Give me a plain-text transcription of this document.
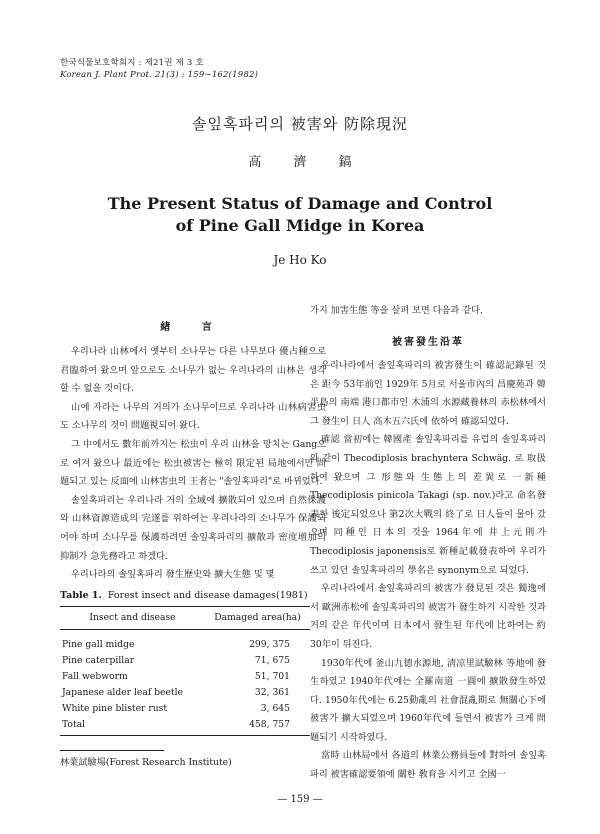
한국식물보호학회지 : 제21권 제 3 호
Korean J. Plant Prot. 21(3) : 159∼162(1982)
솔잎혹파리의 被害와 防除現況
高 濟 鎬
The Present Status of Damage and Control
of Pine Gall Midge in Korea
Je Ho Ko
가지 加害生態 等을 살펴 보면 다음과 같다.
緖 言
被害發生沿革

우리나라 山林에서 옛부터 소나무는 다른 나무보다 優占種으로 君臨하여 왔으며 앞으로도 소나무가 없는 우리나라의 山林은 생각할 수 없을 것이다.

山에 자라는 나무의 거의가 소나무이므로 우리나라 山林病害虫도 소나무의 것이 問題視되어 왔다.

그 中에서도 數年前까지는 松虫이 우리 山林을 망치는 Gang으로 여겨 왔으나 最近에는 松虫被害는 極히 限定된 局地에서만 問題되고 있는 反面에 山林害虫의 王者는 "솔잎혹파리"로 바뀌었다.

솔잎혹파리는 우리나라 거의 全域에 擴散되어 있으며 自然保護와 山林資源造成의 完遂를 위하여는 우리나라의 소나무가 保護되어야 하며 소나무를 保護하려면 솔잎혹파리의 擴散과 密度增加의 抑制가 急先務라고 하겠다.

우리나라의 솔잎혹파리 發生歷史와 擴大生態 및 몇

우리나라에서 솔잎혹파리의 被害發生이 確認記錄된 것은 距今 53年前인 1929年 5月로 서울市內의 昌慶苑과 韓半島의 南端 港口都市인 木浦의 水源藏養林의 赤松林에서 그 發生이 日人 高木五六氏에 依하여 確認되었다.

確認 當初에는 韓國產 솔잎혹파리를 유럽의 솔잎혹파리와 같이 Thecodiplosis brachyntera Schwäg. 로 取扱하여 왔으며 그 形態와 生態上의 差異로 一新種 Thecodiplosis pinicola Takagi (sp. nov.)라고 命名發表한 後定되었으나 第2次大戰의 終了로 日人들이 물아 갔으며 同種인 日本의 것을 1964年에 井上元則가 Thecodiplosis japonensis로 新種記載發表하여 우리가 쓰고 있던 솔잎혹파리의 學名은 synonym으로 되었다.

우리나라에서 솔잎혹파리의 被害가 發見된 것은 獨逸에서 歐洲赤松에 솔잎혹파리의 被害가 發生하기 시작한 것과 거의 같은 年代이며 日本에서 發生된 年代에 比하여는 約 30年이 뒤진다.

1930年代에 釜山九德水源地, 淸凉里試驗林 等地에 發生하였고 1940年代에는 全羅南道 一圓에 擴散發生하였다. 1950年代에는 6.25動亂의 社會混亂期로 無關心下에 被害가 擴大되었으며 1960年代에 들면서 被害가 크게 問題되기 시작하였다.

當時 山林局에서 各道의 林業公務員들에 對하여 솔잎혹파리 被害確認要領에 關한 敎育을 시키고 全國一

Table 1. Forest insect and disease damages(1981)
Insect and disease	Damaged area(ha)
Pine gall midge	299, 375
Pine caterpillar	71, 675
Fall webworm	51, 701
Japanese alder leaf beetle	32, 361
White pine blister rust	3, 645
Total	458, 757
林業試驗場(Forest Research Institute)
— 159 —
